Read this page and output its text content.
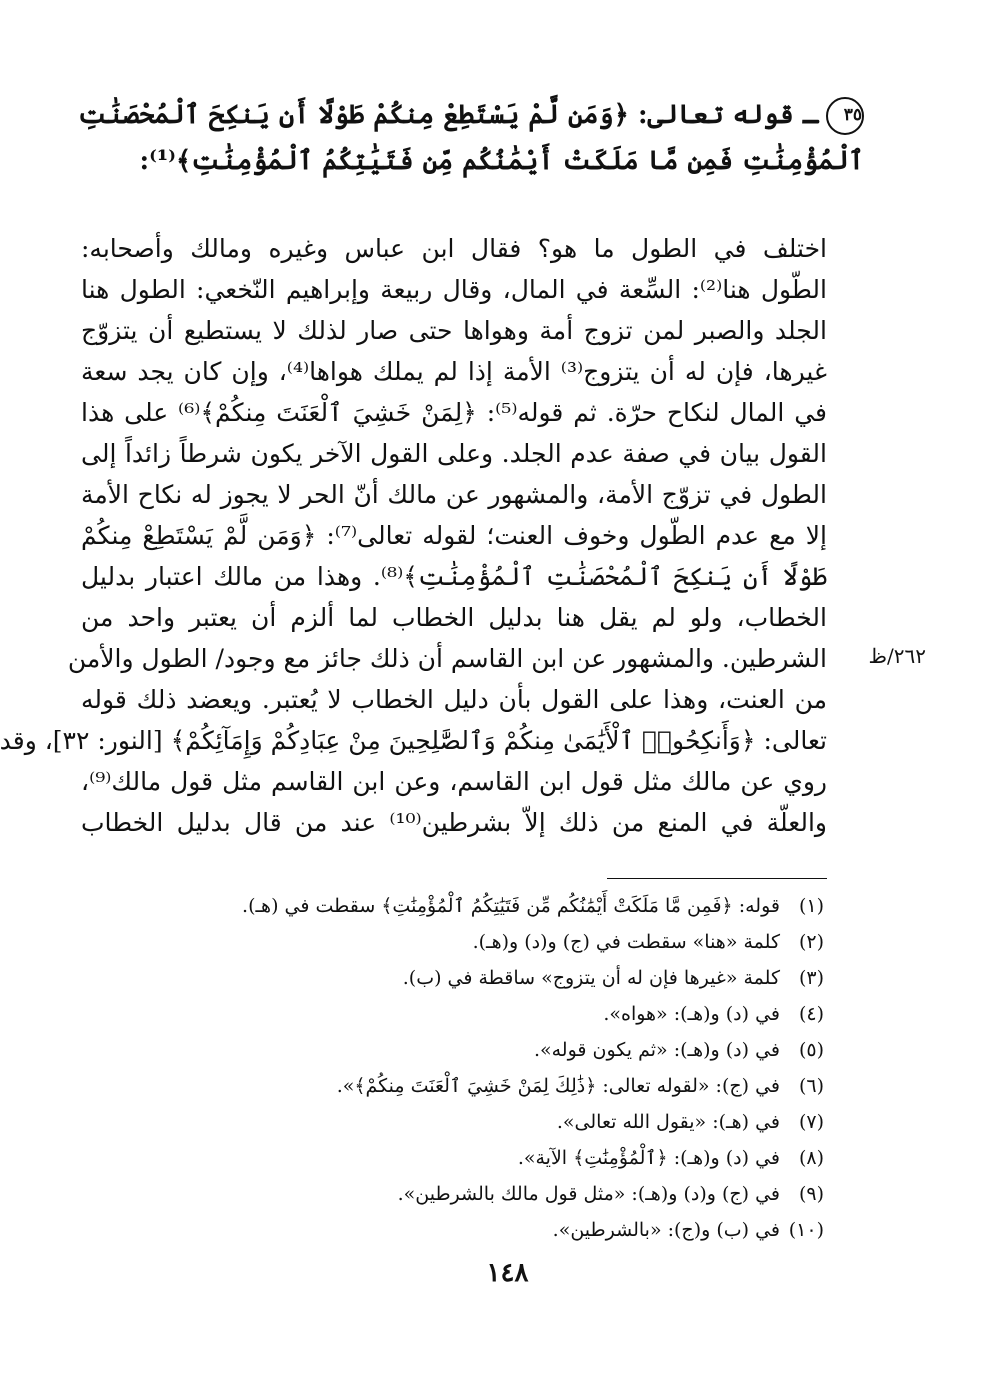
٣٥ـ قوله تعالى: ﴿وَمَن لَّمْ يَسْتَطِعْ مِنكُمْ طَوْلًا أَن يَنكِحَ ٱلْمُحْصَنَٰتِ
ٱلْمُؤْمِنَٰتِ فَمِن مَّا مَلَكَتْ أَيْمَٰنُكُم مِّن فَتَيَٰتِكُمُ ٱلْمُؤْمِنَٰتِ﴾⁽¹⁾:
اختلف في الطول ما هو؟ فقال ابن عباس وغيره ومالك وأصحابه:
الطّول هنا⁽²⁾: السِّعة في المال، وقال ربيعة وإبراهيم النّخعي: الطول هنا
الجلد والصبر لمن تزوج أمة وهواها حتى صار لذلك لا يستطيع أن يتزوّج
غيرها، فإن له أن يتزوج⁽³⁾ الأمة إذا لم يملك هواها⁽⁴⁾، وإن كان يجد سعة
في المال لنكاح حرّة. ثم قوله⁽⁵⁾: ﴿لِمَنْ خَشِيَ ٱلْعَنَتَ مِنكُمْ﴾⁽⁶⁾ على هذا
القول بيان في صفة عدم الجلد. وعلى القول الآخر يكون شرطاً زائداً إلى
الطول في تزوّج الأمة، والمشهور عن مالك أنّ الحر لا يجوز له نكاح الأمة
إلا مع عدم الطّول وخوف العنت؛ لقوله تعالى⁽⁷⁾: ﴿وَمَن لَّمْ يَسْتَطِعْ مِنكُمْ
طَوْلًا أَن يَنكِحَ ٱلْمُحْصَنَٰتِ ٱلْمُؤْمِنَٰتِ﴾⁽⁸⁾. وهذا من مالك اعتبار بدليل
الخطاب، ولو لم يقل هنا بدليل الخطاب لما ألزم أن يعتبر واحد من
الشرطين. والمشهور عن ابن القاسم أن ذلك جائز مع وجود/ الطول والأمن
من العنت، وهذا على القول بأن دليل الخطاب لا يُعتبر. ويعضد ذلك قوله
تعالى: ﴿وَأَنكِحُوا۟ ٱلْأَيَٰمَىٰ مِنكُمْ وَٱلصَّٰلِحِينَ مِنْ عِبَادِكُمْ وَإِمَآئِكُمْ﴾ [النور: ٣٢]، وقد
روي عن مالك مثل قول ابن القاسم، وعن ابن القاسم مثل قول مالك⁽⁹⁾،
والعلّة في المنع من ذلك إلاّ بشرطين⁽¹⁰⁾ عند من قال بدليل الخطاب
٢٦٢/ظ
(١)قوله: ﴿فَمِن مَّا مَلَكَتْ أَيْمَٰنُكُم مِّن فَتَيَٰتِكُمُ ٱلْمُؤْمِنَٰتِ﴾ سقطت في (هـ).
(٢)كلمة «هنا» سقطت في (ج) و(د) و(هـ).
(٣)كلمة «غيرها فإن له أن يتزوج» ساقطة في (ب).
(٤)في (د) و(هـ): «هواه».
(٥)في (د) و(هـ): «ثم يكون قوله».
(٦)في (ج): «لقوله تعالى: ﴿ذَٰلِكَ لِمَنْ خَشِيَ ٱلْعَنَتَ مِنكُمْ﴾».
(٧)في (هـ): «يقول الله تعالى».
(٨)في (د) و(هـ): ﴿ٱلْمُؤْمِنَٰتِ﴾ الآية».
(٩)في (ج) و(د) و(هـ): «مثل قول مالك بالشرطين».
(١٠)في (ب) و(ج): «بالشرطين».
١٤٨
